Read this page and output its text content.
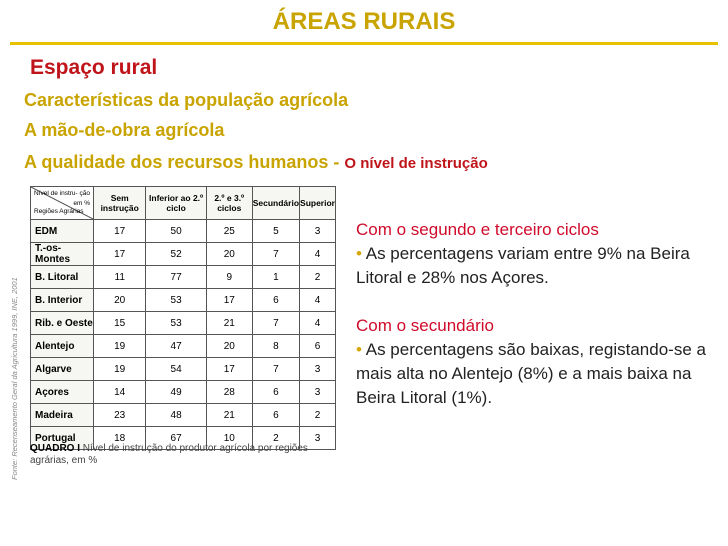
ÁREAS RURAIS
Espaço rural
Características da população agrícola
A mão-de-obra agrícola
A qualidade dos recursos humanos - O nível de instrução
Fonte: Recenseamento Geral da Agricultura 1999, INE, 2001
Nível de instru- ção em %
Regiões Agrárias	Sem instrução	Inferior ao 2.º ciclo	2.º e 3.º ciclos	Secundário	Superior
EDM	17	50	25	5	3
T.-os-Montes	17	52	20	7	4
B. Litoral	11	77	9	1	2
B. Interior	20	53	17	6	4
Rib. e Oeste	15	53	21	7	4
Alentejo	19	47	20	8	6
Algarve	19	54	17	7	3
Açores	14	49	28	6	3
Madeira	23	48	21	6	2
Portugal	18	67	10	2	3
QUADRO I Nível de instrução do produtor agrícola por regiões agrárias, em %
Com o segundo e terceiro ciclos
• As percentagens variam entre 9% na Beira Litoral e 28% nos Açores.
Com o secundário
• As percentagens são baixas, registando-se a mais alta no Alentejo (8%) e a mais baixa na Beira Litoral (1%).
